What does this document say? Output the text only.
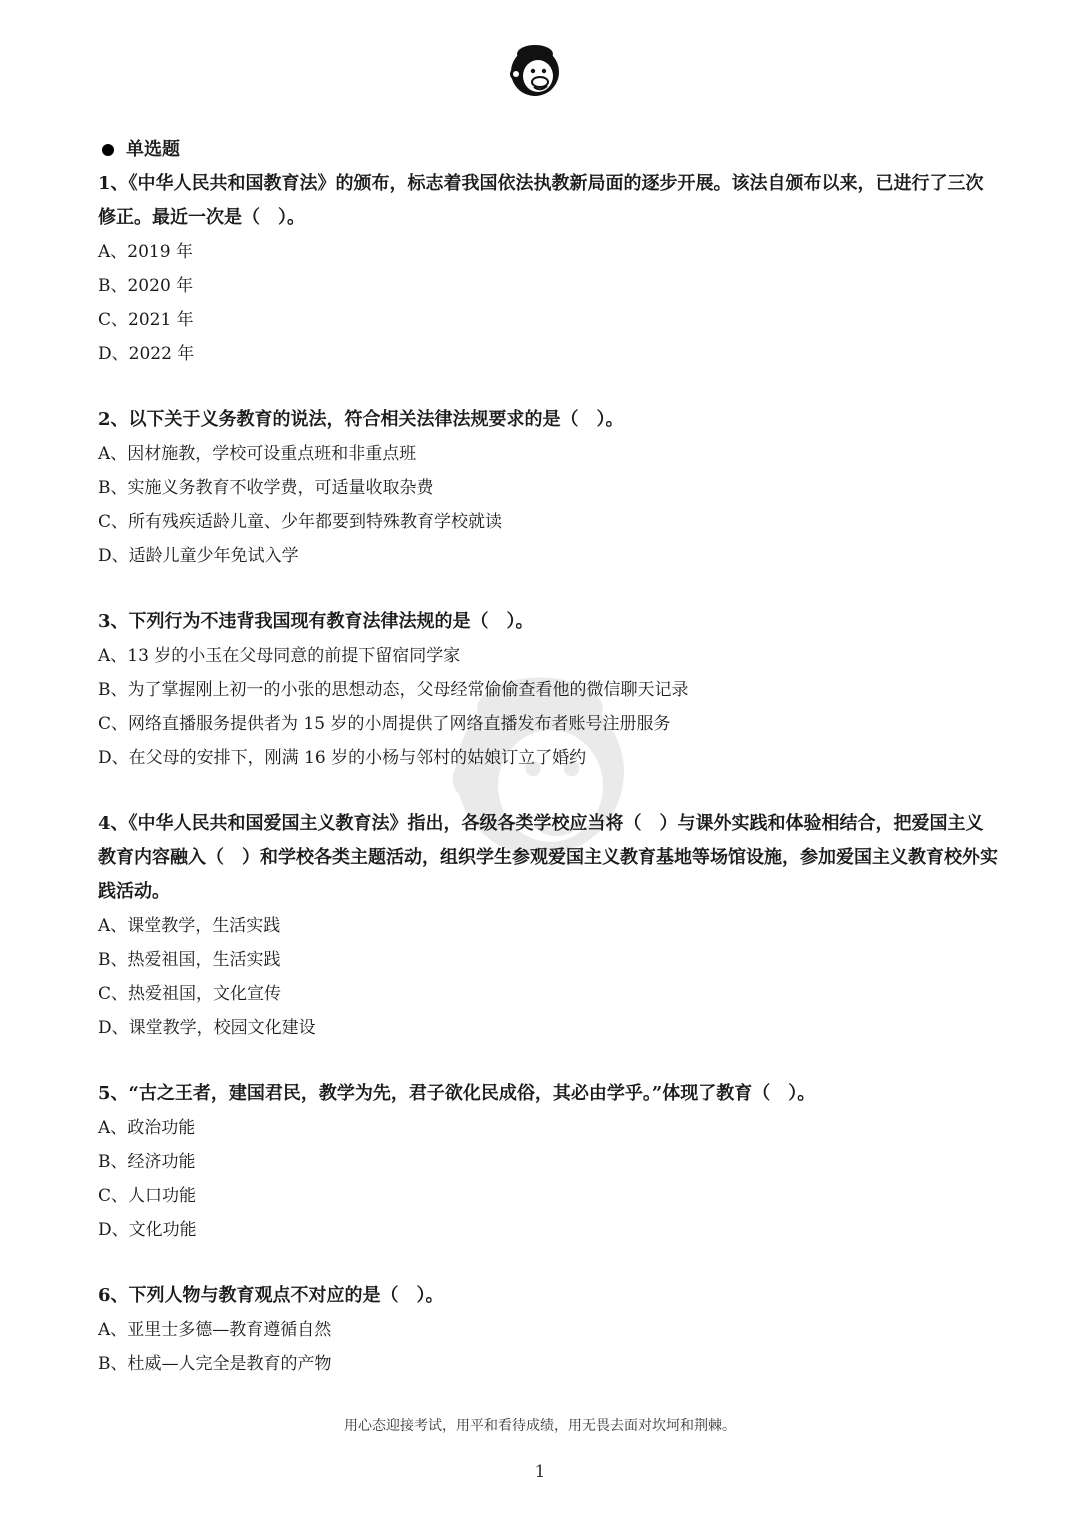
单选题

1、《中华人民共和国教育法》的颁布，标志着我国依法执教新局面的逐步开展。该法自颁布以来，已进行了三次修正。最近一次是（　）。

A、2019 年
B、2020 年
C、2021 年
D、2022 年

2、以下关于义务教育的说法，符合相关法律法规要求的是（　）。

A、因材施教，学校可设重点班和非重点班
B、实施义务教育不收学费，可适量收取杂费
C、所有残疾适龄儿童、少年都要到特殊教育学校就读
D、适龄儿童少年免试入学

3、下列行为不违背我国现有教育法律法规的是（　）。

A、13 岁的小玉在父母同意的前提下留宿同学家
B、为了掌握刚上初一的小张的思想动态，父母经常偷偷查看他的微信聊天记录
C、网络直播服务提供者为 15 岁的小周提供了网络直播发布者账号注册服务
D、在父母的安排下，刚满 16 岁的小杨与邻村的姑娘订立了婚约

4、《中华人民共和国爱国主义教育法》指出，各级各类学校应当将（　）与课外实践和体验相结合，把爱国主义教育内容融入（　）和学校各类主题活动，组织学生参观爱国主义教育基地等场馆设施，参加爱国主义教育校外实践活动。

A、课堂教学，生活实践
B、热爱祖国，生活实践
C、热爱祖国，文化宣传
D、课堂教学，校园文化建设

5、“古之王者，建国君民，教学为先，君子欲化民成俗，其必由学乎。”体现了教育（　）。

A、政治功能
B、经济功能
C、人口功能
D、文化功能

6、下列人物与教育观点不对应的是（　）。

A、亚里士多德—教育遵循自然
B、杜威—人完全是教育的产物
用心态迎接考试，用平和看待成绩，用无畏去面对坎坷和荆棘。
1
